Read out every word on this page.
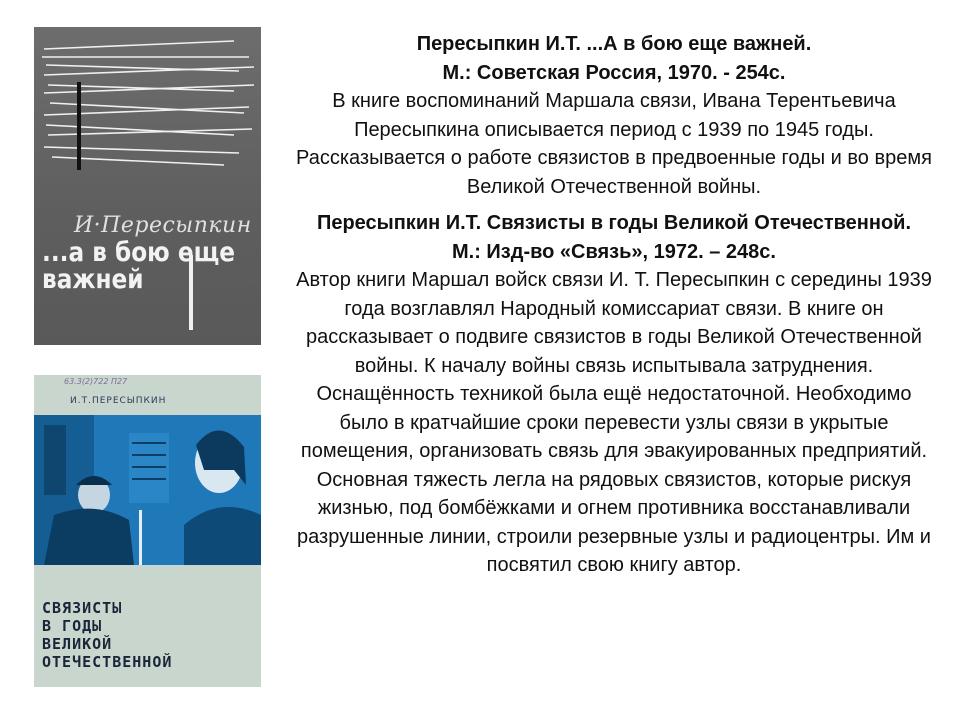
И·Пересыпкин
...а в бою еще
важней
63.3(2)722 П27
И.Т.ПЕРЕСЫПКИН
СВЯЗИСТЫ
В ГОДЫ
ВЕЛИКОЙ
ОТЕЧЕСТВЕННОЙ

Пересыпкин И.Т. ...А в бою еще важней.

М.: Советская Россия, 1970. - 254с.

В книге воспоминаний Маршала связи, Ивана Терентьевича Пересыпкина описывается период с 1939 по 1945 годы. Рассказывается о работе связистов в предвоенные годы и во время Великой Отечественной войны.

Пересыпкин И.Т. Связисты в годы Великой Отечественной.

М.: Изд-во «Связь», 1972. – 248с.

Автор книги Маршал войск связи И. Т. Пересыпкин с середины 1939 года возглавлял Народный комиссариат связи. В книге он рассказывает о подвиге связистов в годы Великой Отечественной войны. К началу войны связь испытывала затруднения. Оснащённость техникой была ещё недостаточной. Необходимо было в кратчайшие сроки перевести узлы связи в укрытые помещения, организовать связь для эвакуированных предприятий. Основная тяжесть легла на рядовых связистов, которые рискуя жизнью, под бомбёжками и огнем противника восстанавливали разрушенные линии, строили резервные узлы и радиоцентры. Им и посвятил свою книгу автор.
